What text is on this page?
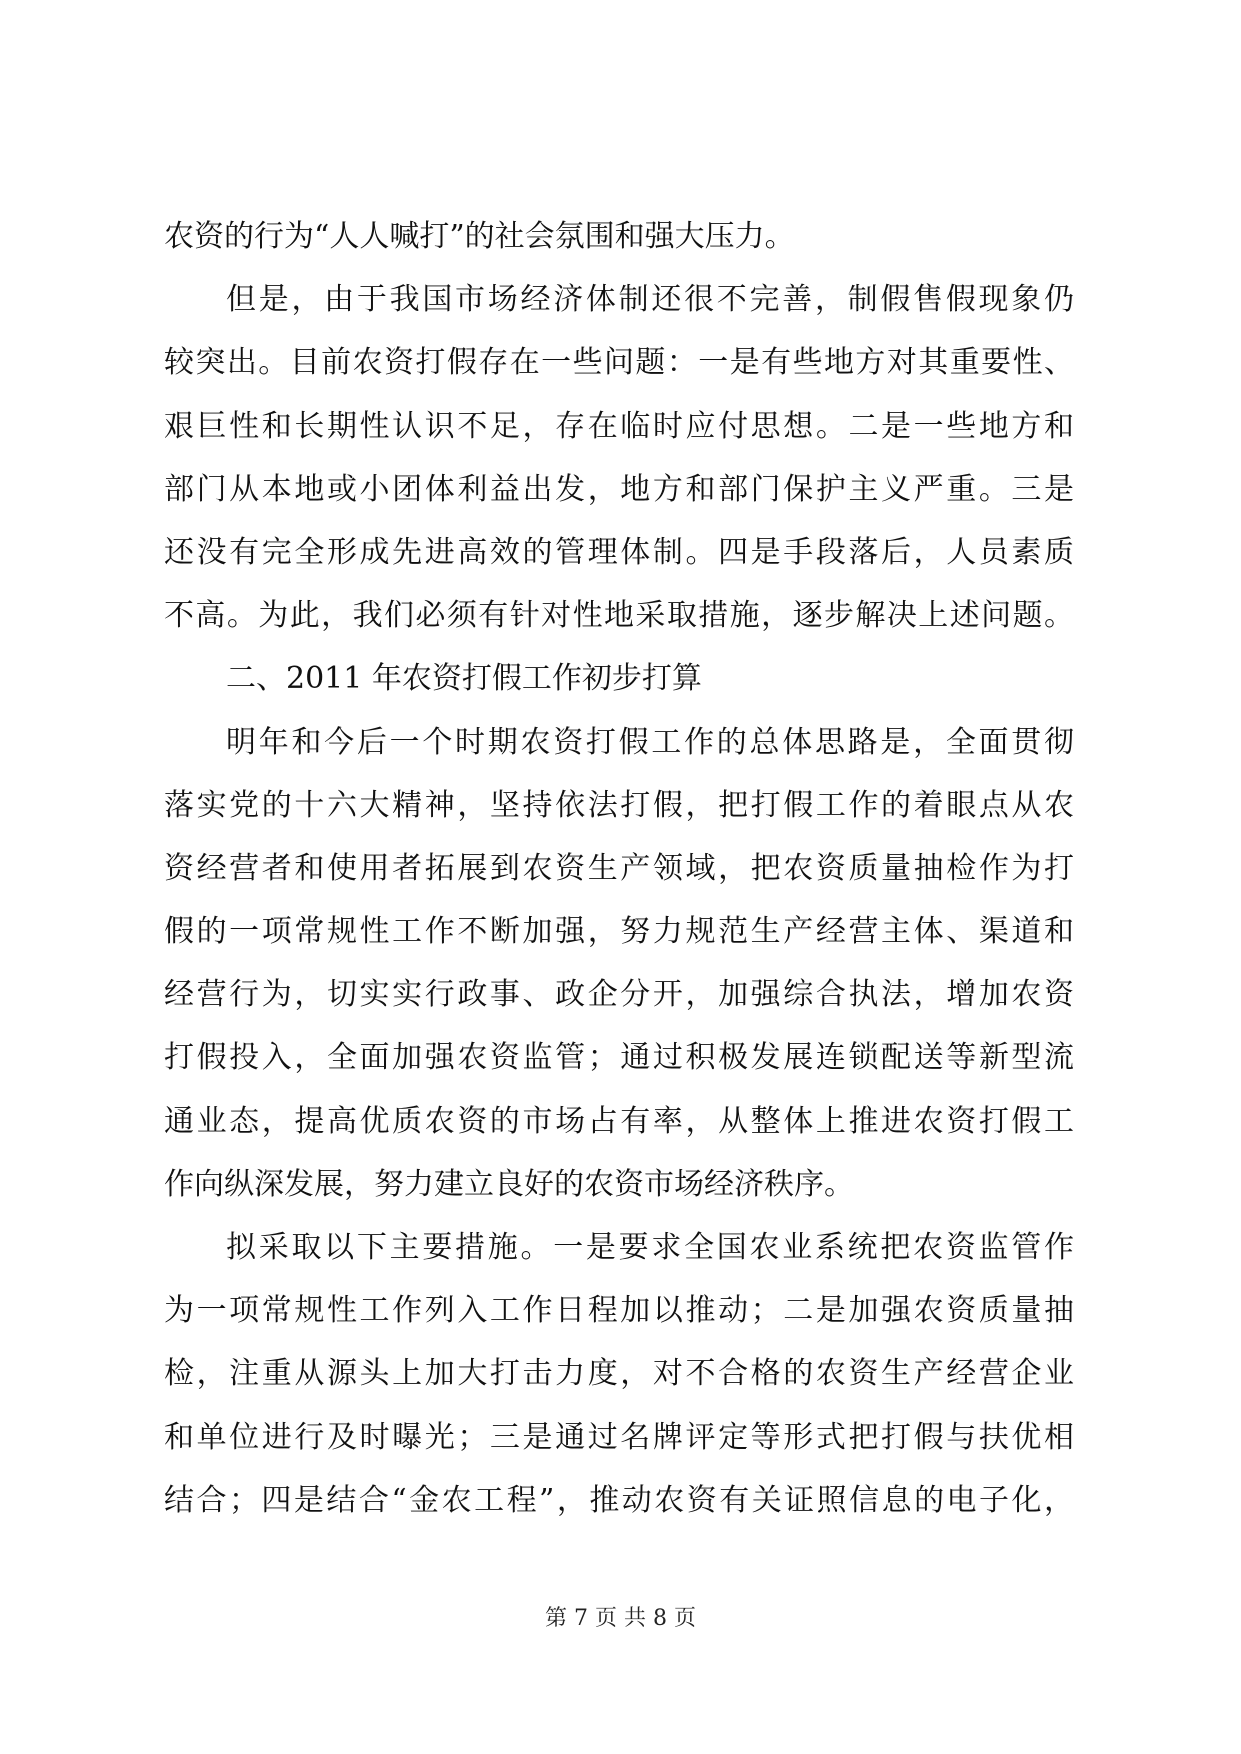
农资的行为“人人喊打”的社会氛围和强大压力。
但是，由于我国市场经济体制还很不完善，制假售假现象仍
较突出。目前农资打假存在一些问题：一是有些地方对其重要性、
艰巨性和长期性认识不足，存在临时应付思想。二是一些地方和
部门从本地或小团体利益出发，地方和部门保护主义严重。三是
还没有完全形成先进高效的管理体制。四是手段落后，人员素质
不高。为此，我们必须有针对性地采取措施，逐步解决上述问题。
二、2011 年农资打假工作初步打算
明年和今后一个时期农资打假工作的总体思路是，全面贯彻
落实党的十六大精神，坚持依法打假，把打假工作的着眼点从农
资经营者和使用者拓展到农资生产领域，把农资质量抽检作为打
假的一项常规性工作不断加强，努力规范生产经营主体、渠道和
经营行为，切实实行政事、政企分开，加强综合执法，增加农资
打假投入，全面加强农资监管；通过积极发展连锁配送等新型流
通业态，提高优质农资的市场占有率，从整体上推进农资打假工
作向纵深发展，努力建立良好的农资市场经济秩序。
拟采取以下主要措施。一是要求全国农业系统把农资监管作
为一项常规性工作列入工作日程加以推动；二是加强农资质量抽
检，注重从源头上加大打击力度，对不合格的农资生产经营企业
和单位进行及时曝光；三是通过名牌评定等形式把打假与扶优相
结合；四是结合“金农工程”，推动农资有关证照信息的电子化，
第 7 页 共 8 页
